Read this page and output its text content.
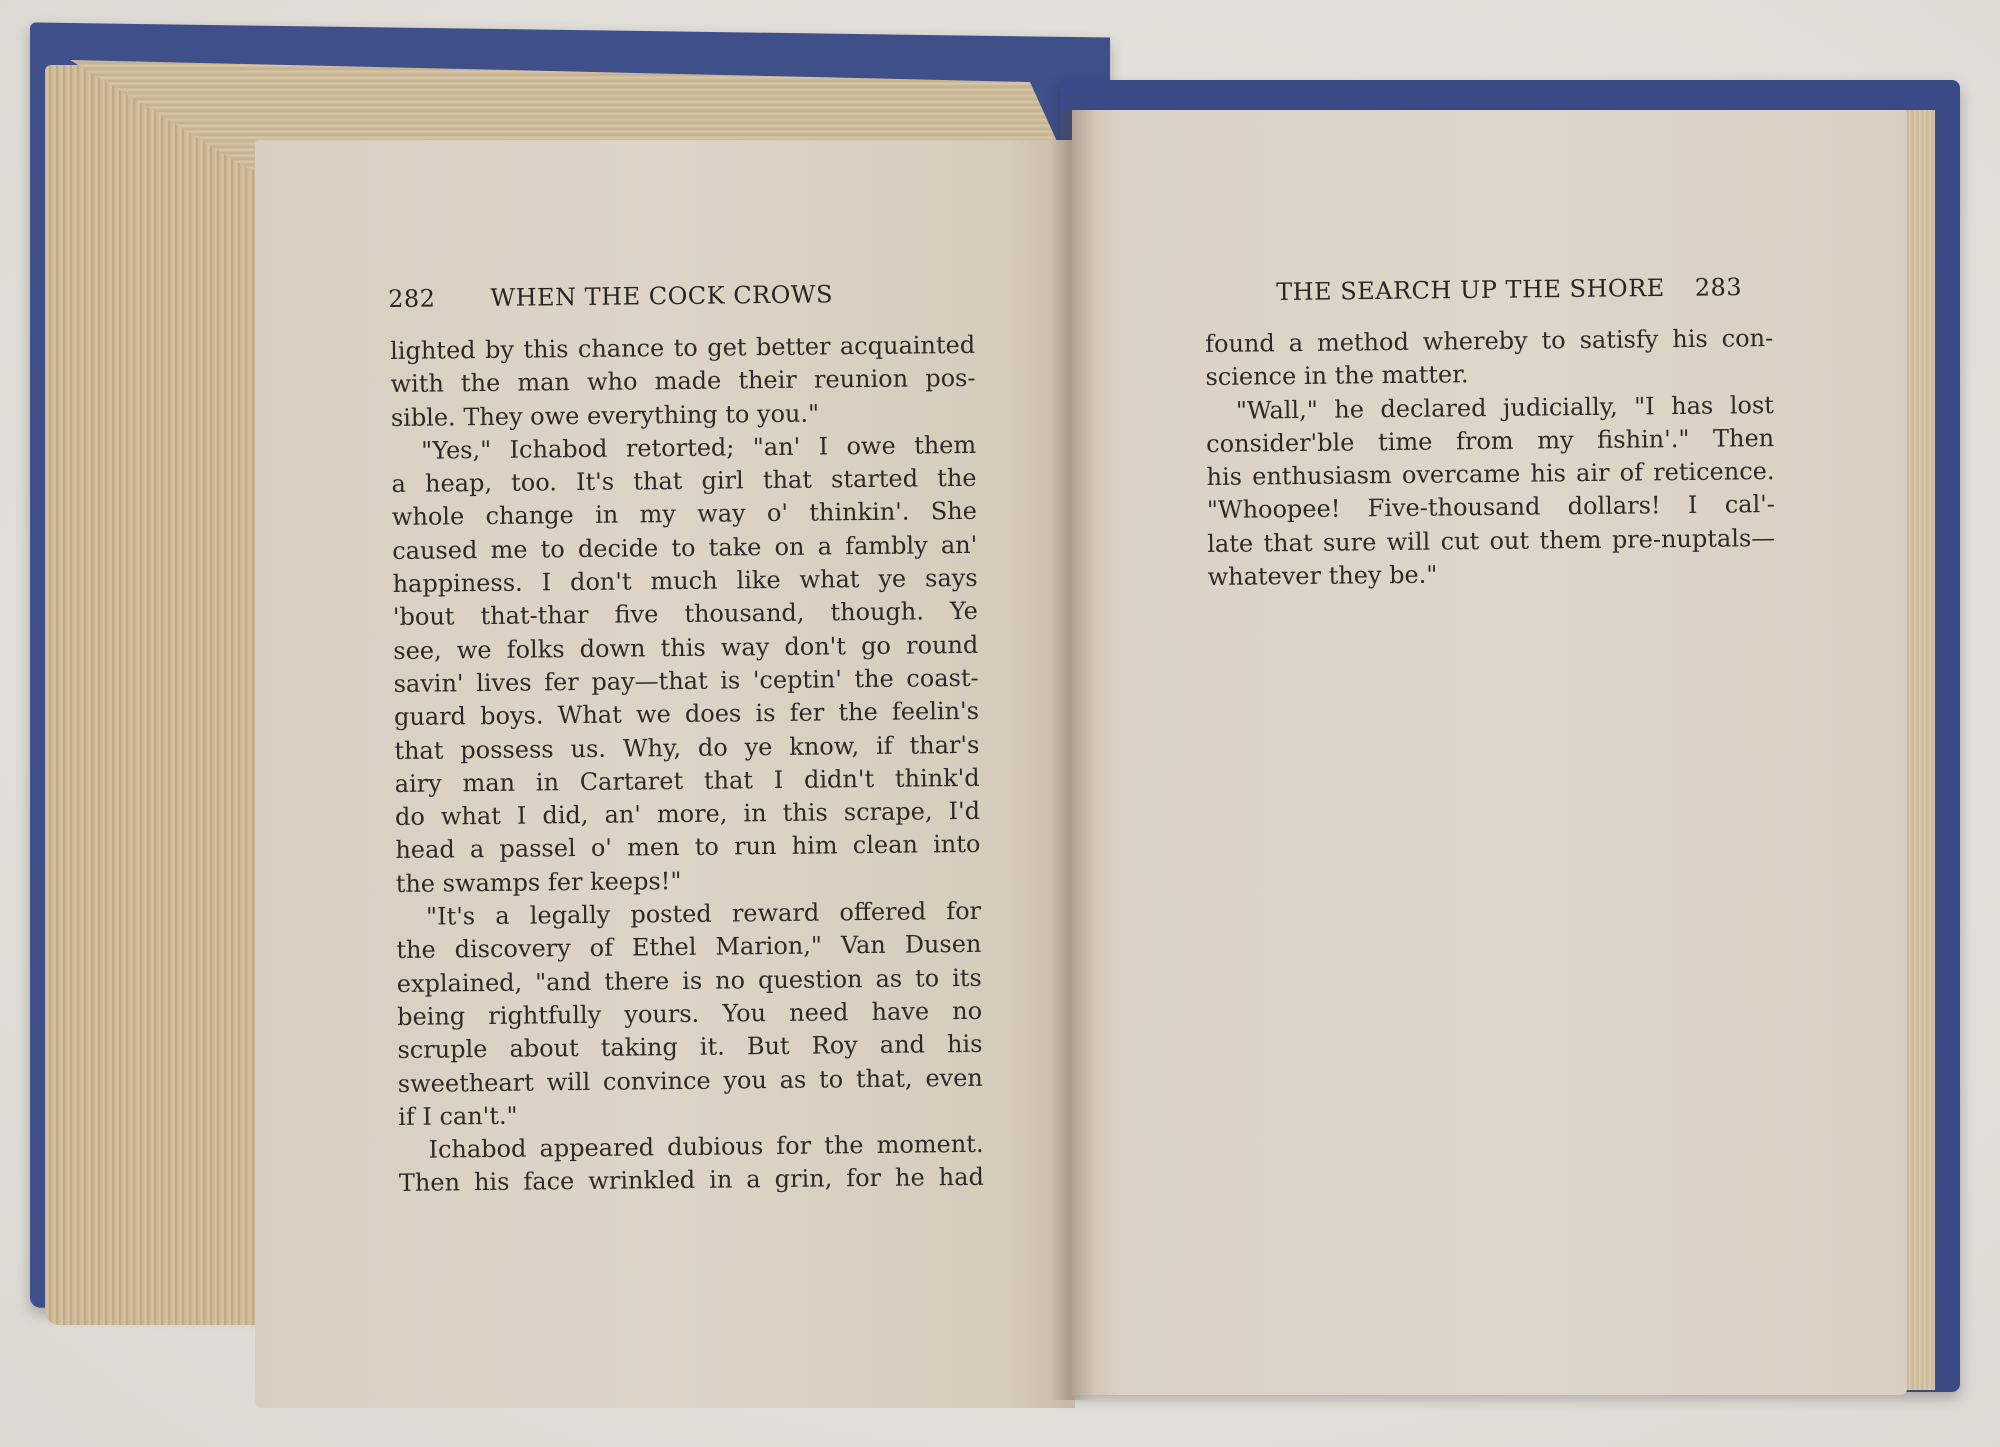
282 WHEN THE COCK CROWS	THE SEARCH UP THE SHORE 283
lighted by this chance to get better acquainted
with the man who made their reunion pos-
sible. They owe everything to you."
"Yes," Ichabod retorted; "an' I owe them
a heap, too. It's that girl that started the
whole change in my way o' thinkin'. She
caused me to decide to take on a fambly an'
happiness. I don't much like what ye says
'bout that-thar five thousand, though. Ye
see, we folks down this way don't go round
savin' lives fer pay—that is 'ceptin' the coast-
guard boys. What we does is fer the feelin's
that possess us. Why, do ye know, if thar's
airy man in Cartaret that I didn't think'd
do what I did, an' more, in this scrape, I'd
head a passel o' men to run him clean into
the swamps fer keeps!"
"It's a legally posted reward offered for
the discovery of Ethel Marion," Van Dusen
explained, "and there is no question as to its
being rightfully yours. You need have no
scruple about taking it. But Roy and his
sweetheart will convince you as to that, even
if I can't."
Ichabod appeared dubious for the moment.
Then his face wrinkled in a grin, for he had
found a method whereby to satisfy his con-
science in the matter.
"Wall," he declared judicially, "I has lost
consider'ble time from my fishin'." Then
his enthusiasm overcame his air of reticence.
"Whoopee! Five-thousand dollars! I cal'-
late that sure will cut out them pre-nuptals—
whatever they be."
